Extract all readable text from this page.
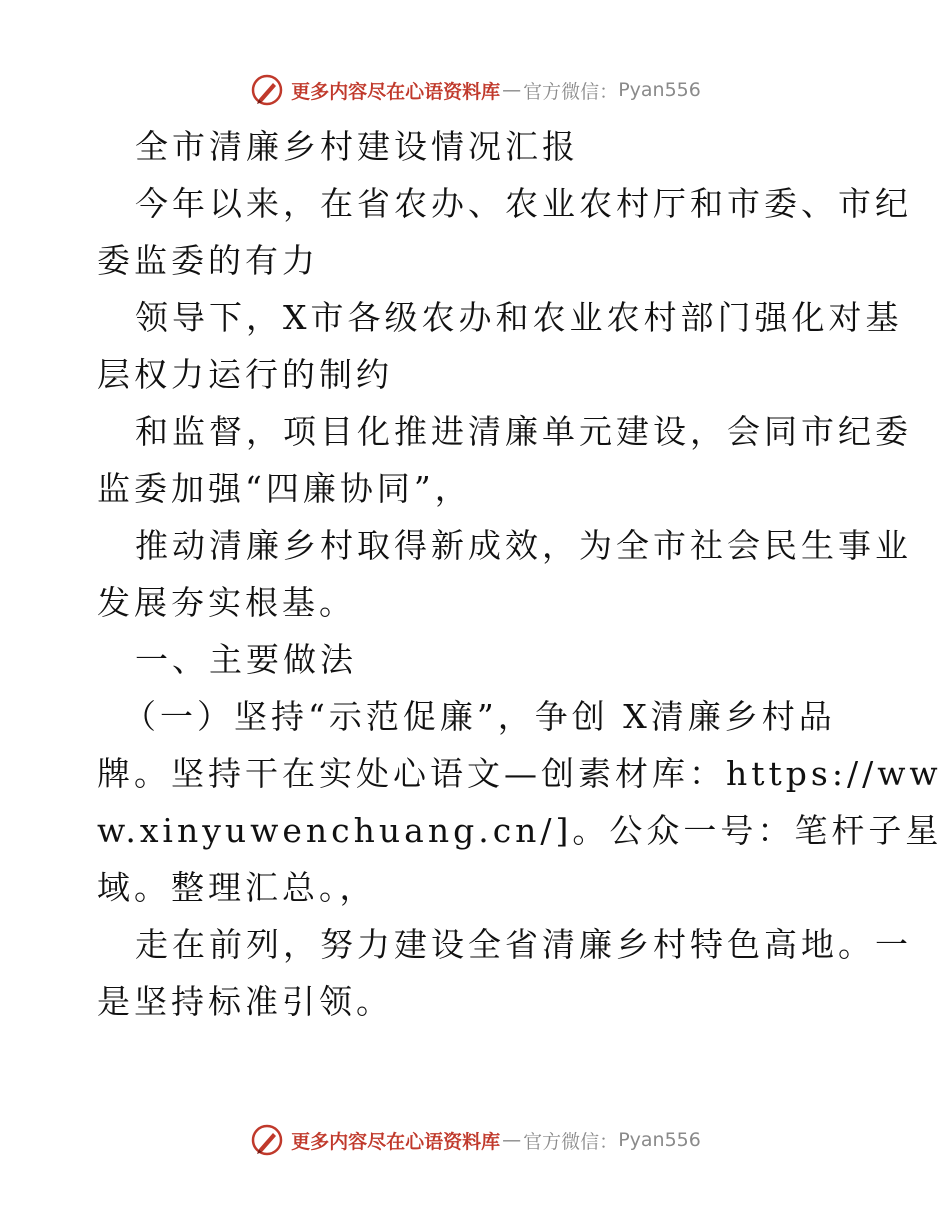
更多内容尽在心语资料库 — 官方微信： Pyan556

全市清廉乡村建设情况汇报

今年以来，在省农办、农业农村厅和市委、市纪

委监委的有力

领导下，X市各级农办和农业农村部门强化对基

层权力运行的制约

和监督，项目化推进清廉单元建设，会同市纪委

监委加强“四廉协同”，

推动清廉乡村取得新成效，为全市社会民生事业

发展夯实根基。

一、主要做法

（一）坚持“示范促廉”，争创 X清廉乡村品

牌。坚持干在实处心语文—创素材库：https://ww

w.xinyuwenchuang.cn/]。公众一号：笔杆子星

域。整理汇总。，

走在前列，努力建设全省清廉乡村特色高地。一

是坚持标准引领。

更多内容尽在心语资料库 — 官方微信： Pyan556
